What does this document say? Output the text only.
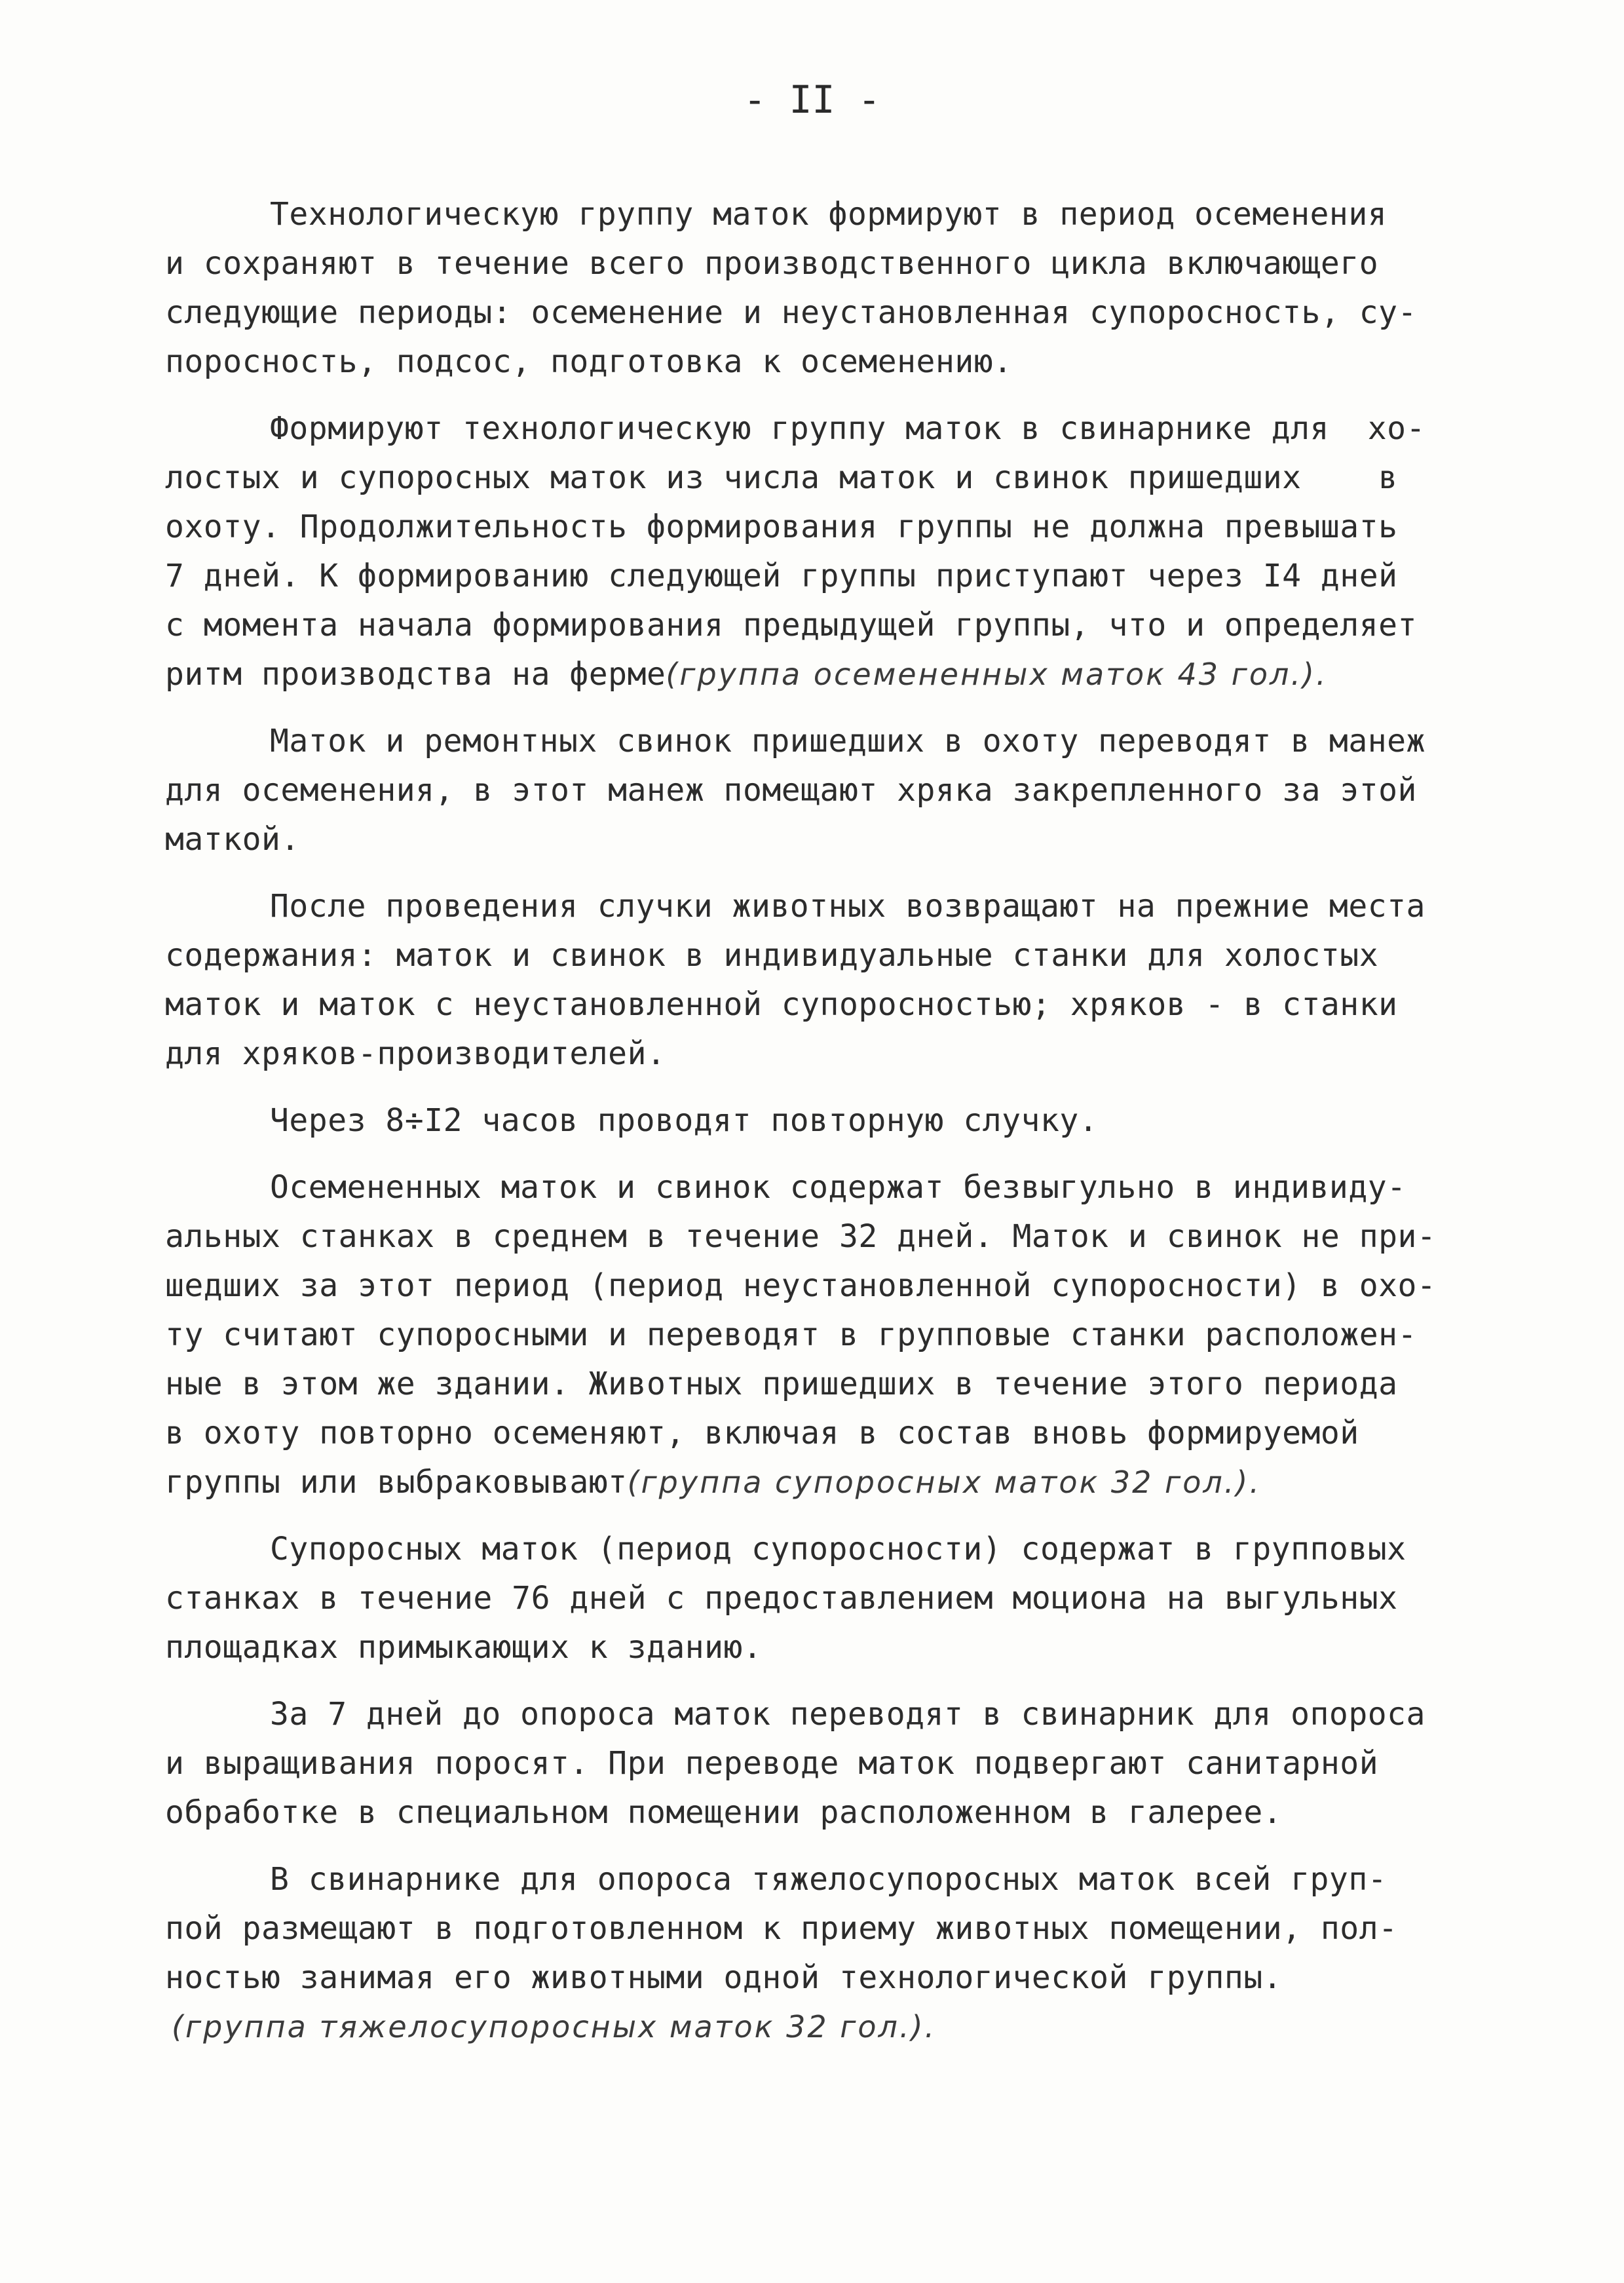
- II -

Технологическую группу маток формируют в период осеменения
и сохраняют в течение всего производственного цикла включающего
следующие периоды: осеменение и неустановленная супоросность, су-
поросность, подсос, подготовка к осеменению.

Формируют технологическую группу маток в свинарнике для  хо-
лостых и супоросных маток из числа маток и свинок пришедших    в
охоту. Продолжительность формирования группы не должна превышать
7 дней. К формированию следующей группы приступают через I4 дней
с момента начала формирования предыдущей группы, что и определяет
ритм производства на ферме(группа осемененных маток 43 гол.).

Маток и ремонтных свинок пришедших в охоту переводят в манеж
для осеменения, в этот манеж помещают хряка закрепленного за этой
маткой.

После проведения случки животных возвращают на прежние места
содержания: маток и свинок в индивидуальные станки для холостых
маток и маток с неустановленной супоросностью; хряков - в станки
для хряков-производителей.

Через 8÷I2 часов проводят повторную случку.

Осемененных маток и свинок содержат безвыгульно в индивиду-
альных станках в среднем в течение 32 дней. Маток и свинок не при-
шедших за этот период (период неустановленной супоросности) в охо-
ту считают супоросными и переводят в групповые станки расположен-
ные в этом же здании. Животных пришедших в течение этого периода
в охоту повторно осеменяют, включая в состав вновь формируемой
группы или выбраковывают(группа супоросных маток 32 гол.).

Супоросных маток (период супоросности) содержат в групповых
станках в течение 76 дней с предоставлением моциона на выгульных
площадках примыкающих к зданию.

За 7 дней до опороса маток переводят в свинарник для опороса
и выращивания поросят. При переводе маток подвергают санитарной
обработке в специальном помещении расположенном в галерее.

В свинарнике для опороса тяжелосупоросных маток всей груп-
пой размещают в подготовленном к приему животных помещении, пол-
ностью занимая его животными одной технологической группы.
(группа тяжелосупоросных маток 32 гол.).
